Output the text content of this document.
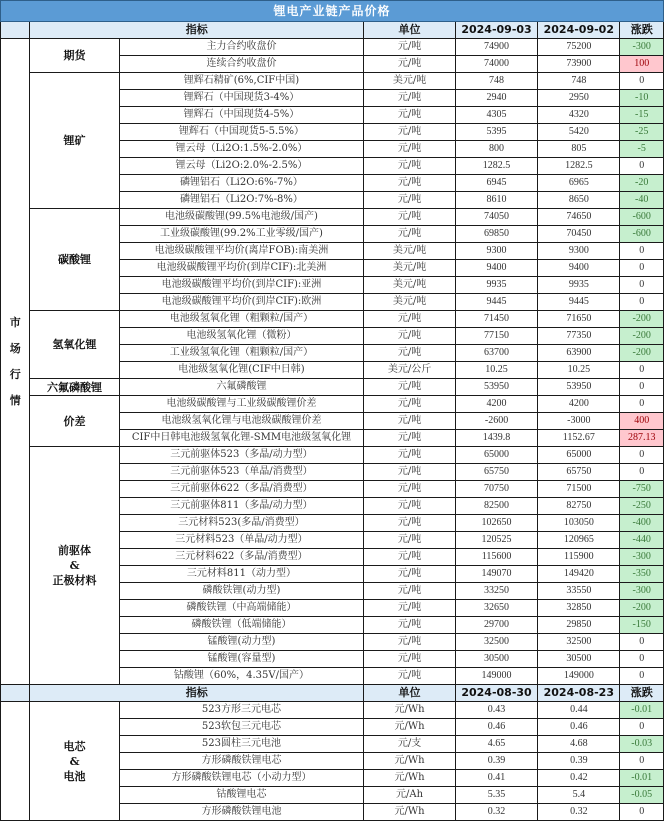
锂电产业链产品价格						
	指标		单位	2024-09-03	2024-09-02	涨跌

市
场
行
情	期货	主力合约收盘价	元/吨	74900	75200	-300
		连续合约收盘价	元/吨	74000	73900	100
	锂矿	锂辉石精矿(6%,CIF中国)	美元/吨	748	748	0
		锂辉石（中国现货3-4%）	元/吨	2940	2950	-10
		锂辉石（中国现货4-5%）	元/吨	4305	4320	-15
		锂辉石（中国现货5-5.5%）	元/吨	5395	5420	-25
		锂云母（Li2O:1.5%-2.0%）	元/吨	800	805	-5
		锂云母（Li2O:2.0%-2.5%）	元/吨	1282.5	1282.5	0
		磷锂铝石（Li2O:6%-7%）	元/吨	6945	6965	-20
		磷锂铝石（Li2O:7%-8%）	元/吨	8610	8650	-40
	碳酸锂	电池级碳酸锂(99.5%电池级/国产)	元/吨	74050	74650	-600
		工业级碳酸锂(99.2%工业零级/国产)	元/吨	69850	70450	-600
		电池级碳酸锂平均价(离岸FOB):南美洲	美元/吨	9300	9300	0
		电池级碳酸锂平均价(到岸CIF):北美洲	美元/吨	9400	9400	0
		电池级碳酸锂平均价(到岸CIF):亚洲	美元/吨	9935	9935	0
		电池级碳酸锂平均价(到岸CIF):欧洲	美元/吨	9445	9445	0
	氢氧化锂	电池级氢氧化锂（粗颗粒/国产）	元/吨	71450	71650	-200
		电池级氢氧化锂（微粉）	元/吨	77150	77350	-200
		工业级氢氧化锂（粗颗粒/国产）	元/吨	63700	63900	-200
		电池级氢氧化锂(CIF中日韩)	美元/公斤	10.25	10.25	0
	六氟磷酸锂	六氟磷酸锂	元/吨	53950	53950	0
	价差	电池级碳酸锂与工业级碳酸锂价差	元/吨	4200	4200	0
		电池级氢氧化锂与电池级碳酸锂价差	元/吨	-2600	-3000	400
		CIF中日韩电池级氢氧化锂-SMM电池级氢氧化锂	元/吨	1439.8	1152.67	287.13

	前驱体
&
正极材料	三元前驱体523（多晶/动力型）	元/吨	65000	65000	0
		三元前驱体523（单晶/消费型）	元/吨	65750	65750	0
		三元前驱体622（多晶/消费型）	元/吨	70750	71500	-750
		三元前驱体811（多晶/动力型）	元/吨	82500	82750	-250
		三元材料523(多晶/消费型）	元/吨	102650	103050	-400
		三元材料523（单晶/动力型）	元/吨	120525	120965	-440
		三元材料622（多晶/消费型）	元/吨	115600	115900	-300
		三元材料811（动力型）	元/吨	149070	149420	-350
		磷酸铁锂(动力型)	元/吨	33250	33550	-300
		磷酸铁锂（中高端储能）	元/吨	32650	32850	-200
		磷酸铁锂（低端储能）	元/吨	29700	29850	-150
		锰酸锂(动力型)	元/吨	32500	32500	0
		锰酸锂(容量型)	元/吨	30500	30500	0
		钴酸锂（60%，4.35V/国产）	元/吨	149000	149000	0
	指标		单位	2024-08-30	2024-08-23	涨跌

	电芯
&
电池	523方形三元电芯	元/Wh	0.43	0.44	-0.01
		523软包三元电芯	元/Wh	0.46	0.46	0
		523圆柱三元电池	元/支	4.65	4.68	-0.03
		方形磷酸铁锂电芯	元/Wh	0.39	0.39	0
		方形磷酸铁锂电芯（小动力型）	元/Wh	0.41	0.42	-0.01
		钴酸锂电芯	元/Ah	5.35	5.4	-0.05
		方形磷酸铁锂电池	元/Wh	0.32	0.32	0
